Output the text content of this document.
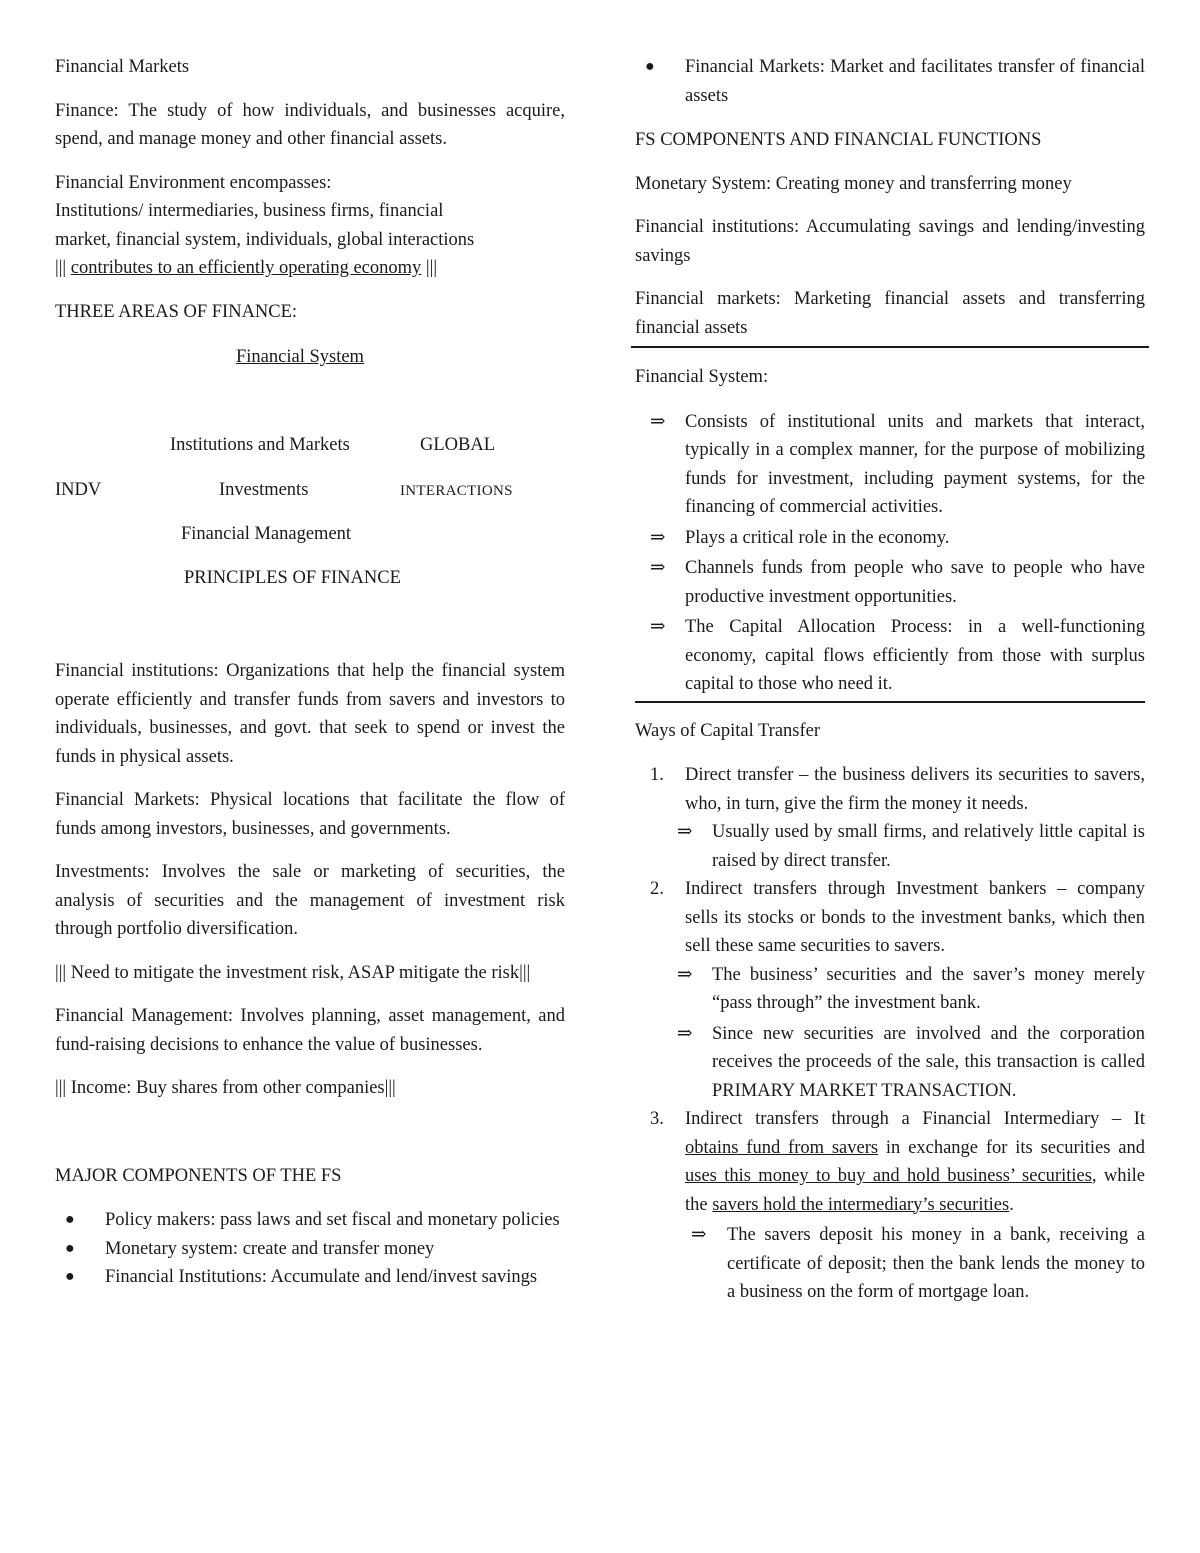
Financial Markets

Finance: The study of how individuals, and businesses acquire, spend, and manage money and other financial assets.

Financial Environment encompasses:
Institutions/ intermediaries, business firms, financial
market, financial system, individuals, global interactions
||| contributes to an efficiently operating economy |||

THREE AREAS OF FINANCE:

Financial System
Institutions and Markets	GLOBAL
INDV	Investments	INTERACTIONS
Financial Management
PRINCIPLES OF FINANCE

Financial institutions: Organizations that help the financial system operate efficiently and transfer funds from savers and investors to individuals, businesses, and govt. that seek to spend or invest the funds in physical assets.

Financial Markets: Physical locations that facilitate the flow of funds among investors, businesses, and governments.

Investments: Involves the sale or marketing of securities, the analysis of securities and the management of investment risk through portfolio diversification.

||| Need to mitigate the investment risk, ASAP mitigate the risk|||

Financial Management: Involves planning, asset management, and fund-raising decisions to enhance the value of businesses.

||| Income: Buy shares from other companies|||

MAJOR COMPONENTS OF THE FS

● Policy makers: pass laws and set fiscal and monetary policies
● Monetary system: create and transfer money
● Financial Institutions: Accumulate and lend/invest savings
● Financial Markets: Market and facilitates transfer of financial assets

FS COMPONENTS AND FINANCIAL FUNCTIONS

Monetary System: Creating money and transferring money

Financial institutions: Accumulating savings and lending/investing savings

Financial markets: Marketing financial assets and transferring financial assets

Financial System:

⇒ Consists of institutional units and markets that interact, typically in a complex manner, for the purpose of mobilizing funds for investment, including payment systems, for the financing of commercial activities.
⇒ Plays a critical role in the economy.
⇒ Channels funds from people who save to people who have productive investment opportunities.
⇒ The Capital Allocation Process: in a well-functioning economy, capital flows efficiently from those with surplus capital to those who need it.

Ways of Capital Transfer

1. Direct transfer – the business delivers its securities to savers, who, in turn, give the firm the money it needs.
⇒ Usually used by small firms, and relatively little capital is raised by direct transfer.
2. Indirect transfers through Investment bankers – company sells its stocks or bonds to the investment banks, which then sell these same securities to savers.
⇒ The business’ securities and the saver’s money merely “pass through” the investment bank.
⇒ Since new securities are involved and the corporation receives the proceeds of the sale, this transaction is called PRIMARY MARKET TRANSACTION.
3. Indirect transfers through a Financial Intermediary – It obtains fund from savers in exchange for its securities and uses this money to buy and hold business’ securities, while the savers hold the intermediary’s securities.
⇒ The savers deposit his money in a bank, receiving a certificate of deposit; then the bank lends the money to a business on the form of mortgage loan.
